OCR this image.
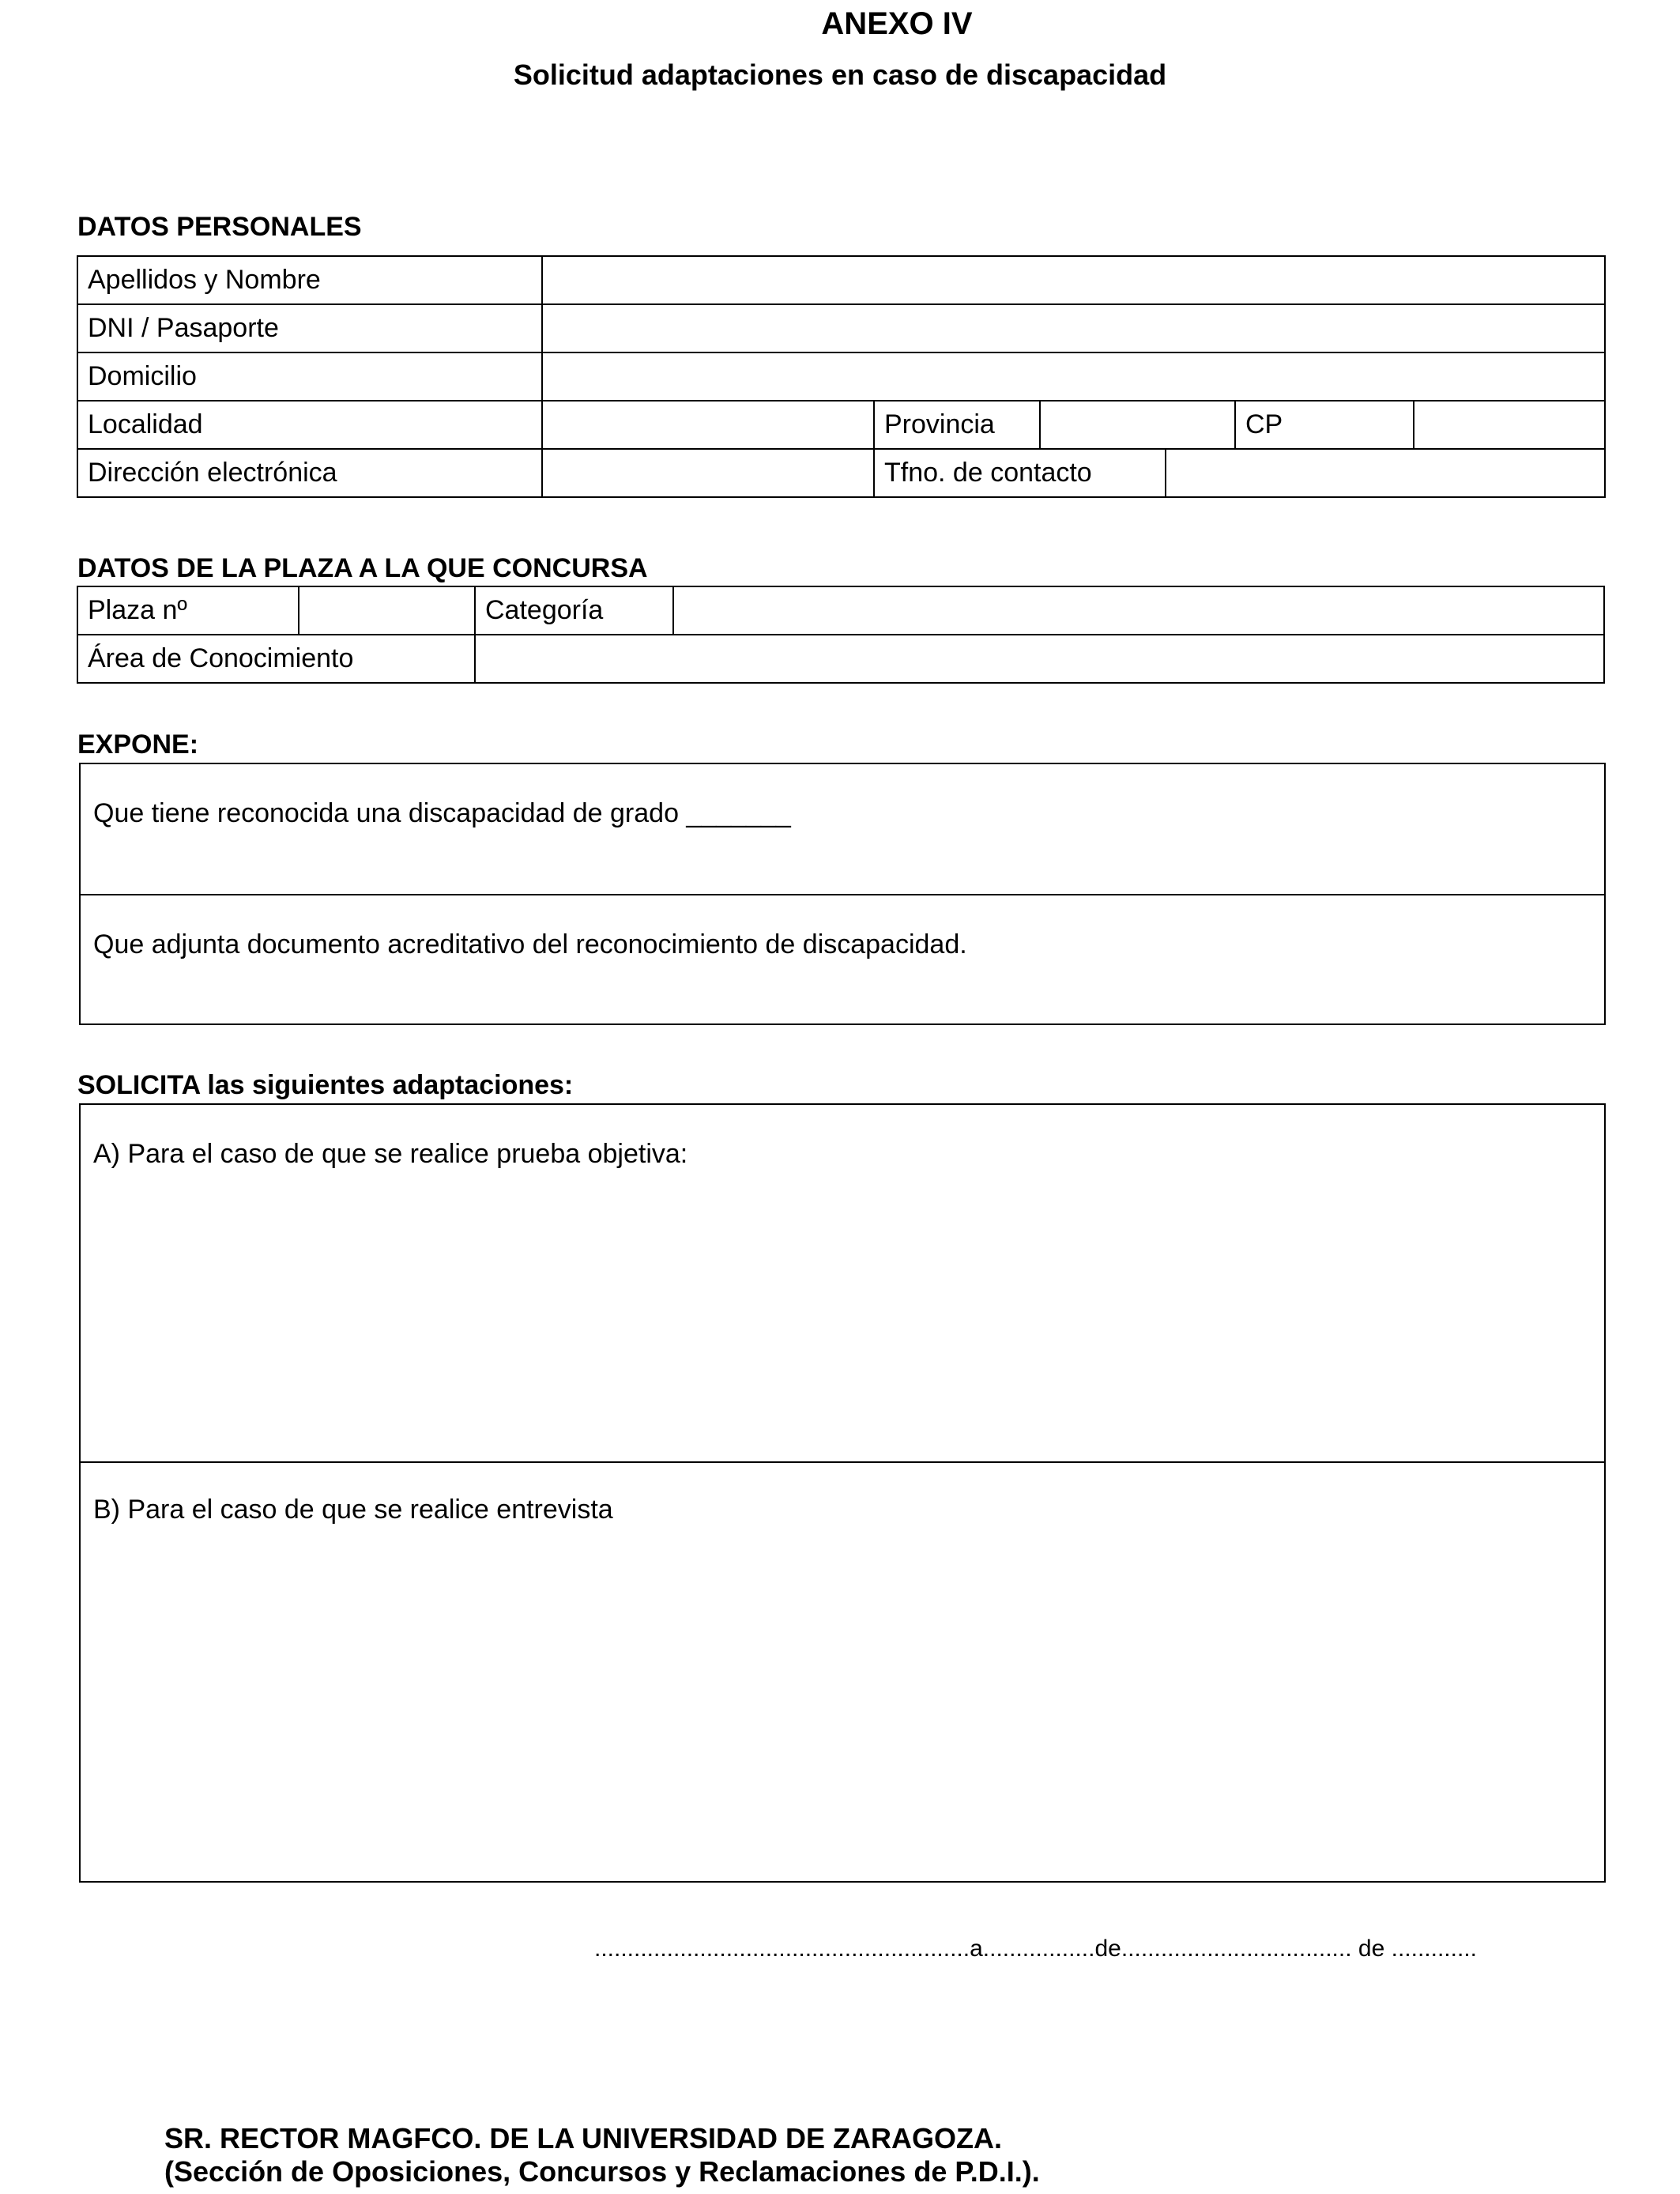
ANEXO IV
Solicitud adaptaciones en caso de discapacidad
DATOS PERSONALES
Apellidos y Nombre						
DNI / Pasaporte						
Domicilio						
Localidad		Provincia			CP	
Dirección electrónica		Tfno. de contacto				
DATOS DE LA PLAZA A LA QUE CONCURSA
Plaza nº		Categoría	
Área de Conocimiento			
EXPONE:
Que tiene reconocida una discapacidad de grado _______
Que adjunta documento acreditativo del reconocimiento de discapacidad.
SOLICITA las siguientes adaptaciones:
A) Para el caso de que se realice prueba objetiva:
B) Para el caso de que se realice entrevista
.........................................................a.................de................................... de .............
SR. RECTOR MAGFCO. DE LA UNIVERSIDAD DE ZARAGOZA.
(Sección de Oposiciones, Concursos y Reclamaciones de P.D.I.).
